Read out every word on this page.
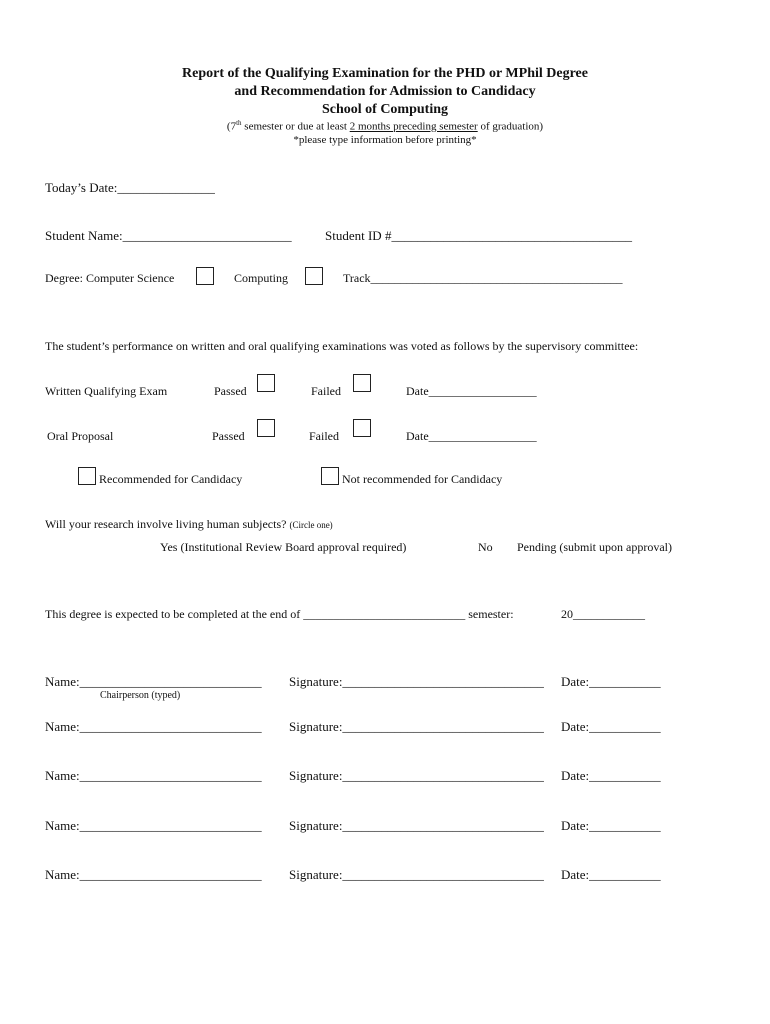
Report of the Qualifying Examination for the PHD or MPhil Degree
and Recommendation for Admission to Candidacy
School of Computing
(7th semester or due at least 2 months preceding semester of graduation)
*please type information before printing*
Today’s Date:_______________
Student Name:__________________________	Student ID #_____________________________________
Degree: Computer Science	Computing	Track__________________________________________
The student’s performance on written and oral qualifying examinations was voted as follows by the supervisory committee:
Written Qualifying Exam	Passed	Failed	Date__________________
Oral Proposal	Passed	Failed	Date__________________
Recommended for Candidacy	Not recommended for Candidacy
Will your research involve living human subjects? (Circle one)
Yes (Institutional Review Board approval required)	No Pending (submit upon approval)
This degree is expected to be completed at the end of ___________________________ semester:	20____________
Name:____________________________ Signature:_______________________________ Date:___________
Chairperson (typed)
Name:____________________________ Signature:_______________________________ Date:___________
Name:____________________________ Signature:_______________________________ Date:___________
Name:____________________________ Signature:_______________________________ Date:___________
Name:____________________________ Signature:_______________________________ Date:___________
